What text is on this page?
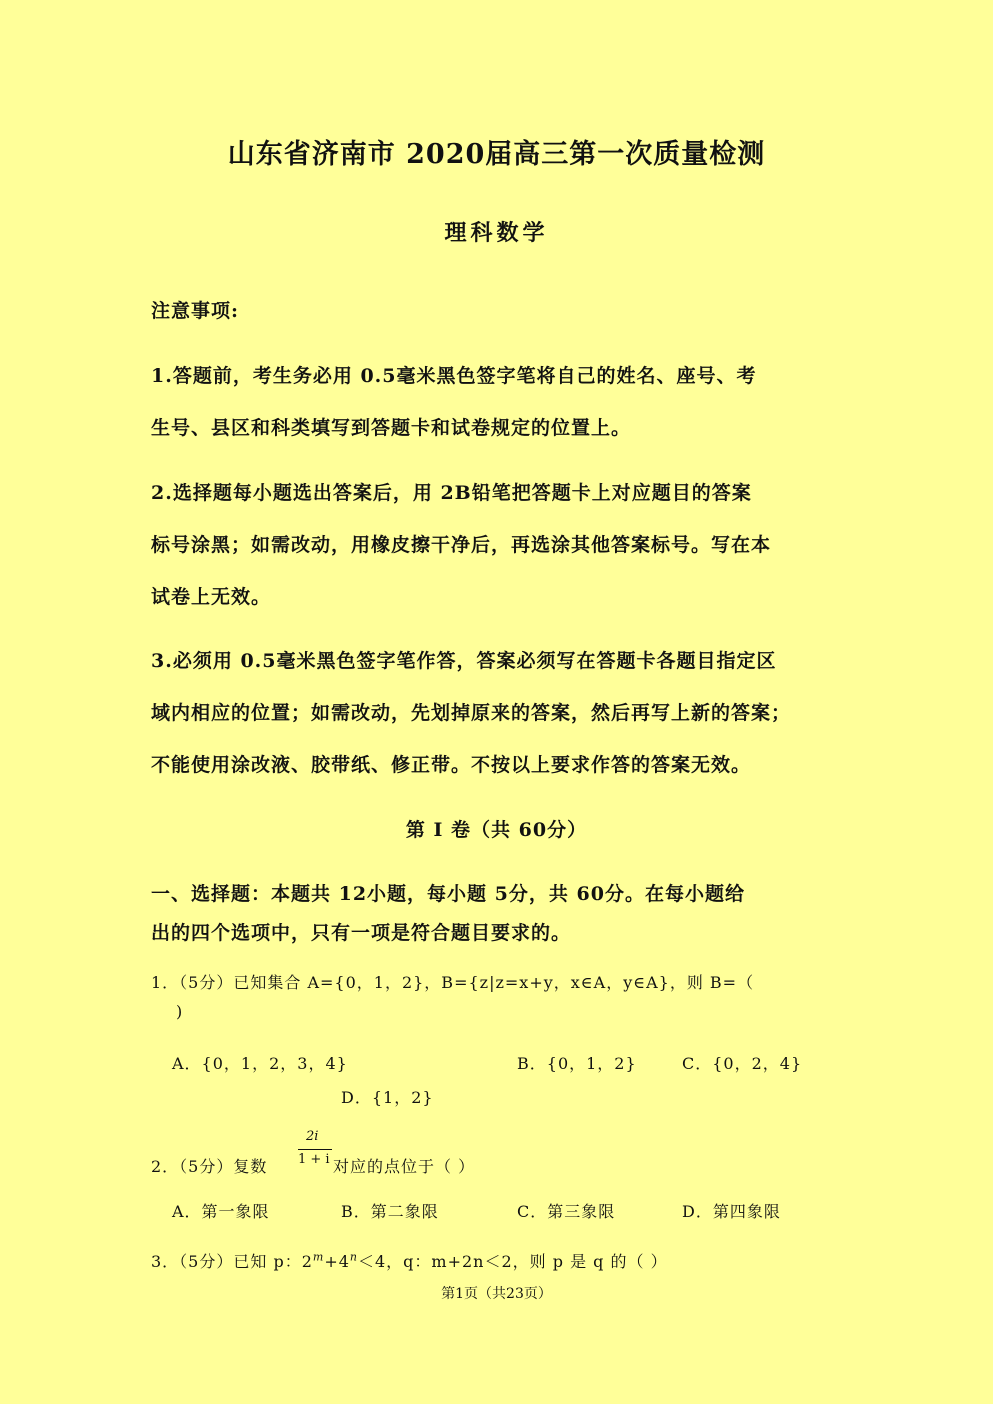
山东省济南市 2020届高三第一次质量检测
理科数学
注意事项:
1.答题前，考生务必用 0.5毫米黑色签字笔将自己的姓名、座号、考
生号、县区和科类填写到答题卡和试卷规定的位置上。
2.选择题每小题选出答案后，用 2B铅笔把答题卡上对应题目的答案
标号涂黑；如需改动，用橡皮擦干净后，再选涂其他答案标号。写在本
试卷上无效。
3.必须用 0.5毫米黑色签字笔作答，答案必须写在答题卡各题目指定区
域内相应的位置；如需改动，先划掉原来的答案，然后再写上新的答案；
不能使用涂改液、胶带纸、修正带。不按以上要求作答的答案无效。
第 I 卷（共 60分）
一、选择题：本题共 12小题，每小题 5分，共 60分。在每小题给
出的四个选项中，只有一项是符合题目要求的。
1．（5分）已知集合 A={0，1，2}，B={z|z=x+y，x∈A，y∈A}，则 B=（
)
A．{0，1，2，3，4}	B．{0，1，2}	C．{0，2，4}
D．{1，2}
2．（5分）复数
2i
1 + i 对应的点位于（ ）
A．第一象限	B．第二象限	C．第三象限	D．第四象限
3．（5分）已知 p：$2^m+4^n<4$，q：m+2n＜2，则 p 是 q 的（ ）
第1页（共23页）
